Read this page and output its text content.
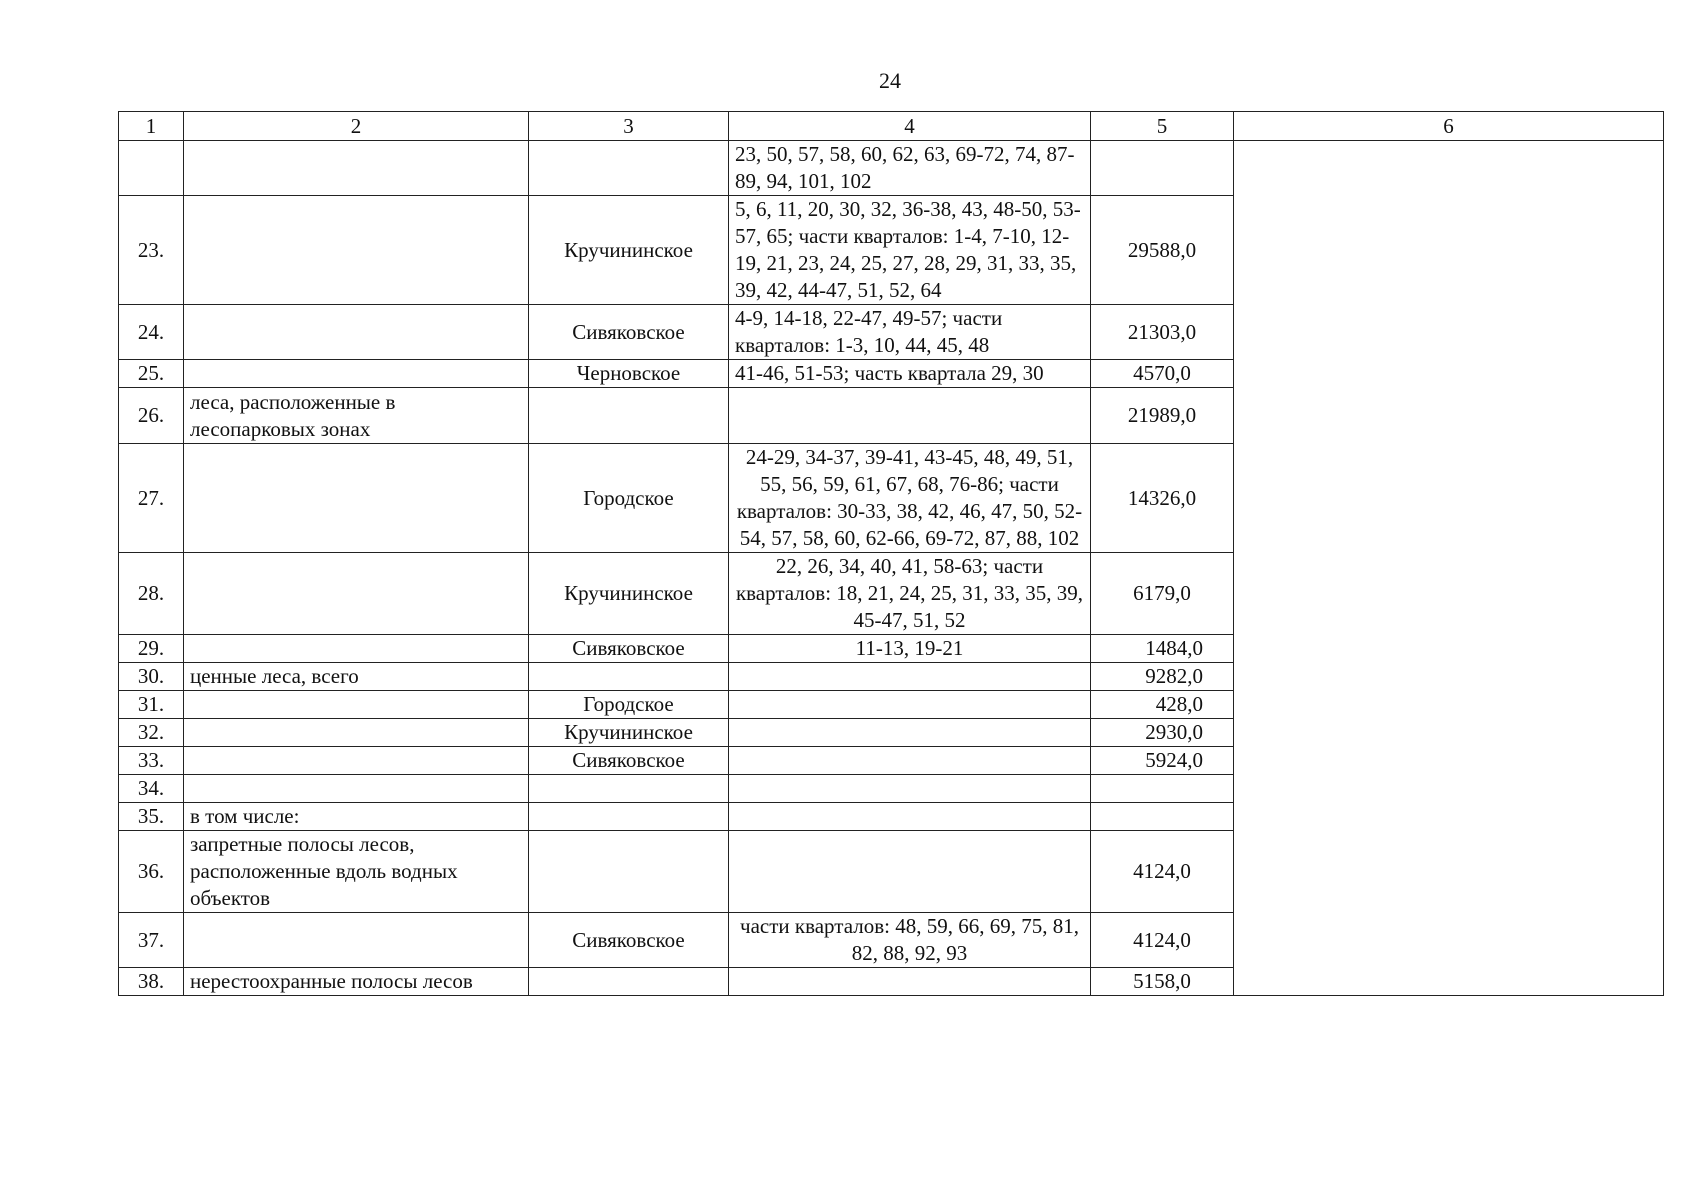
24
1	2	3	4	5	6
			23, 50, 57, 58, 60, 62, 63, 69-72, 74, 87-89, 94, 101, 102		
23.		Кручининское	5, 6, 11, 20, 30, 32, 36-38, 43, 48-50, 53-57, 65; части кварталов: 1-4, 7-10, 12-19, 21, 23, 24, 25, 27, 28, 29, 31, 33, 35, 39, 42, 44-47, 51, 52, 64	29588,0	
24.		Сивяковское	4-9, 14-18, 22-47, 49-57; части кварталов: 1-3, 10, 44, 45, 48	21303,0	
25.		Черновское	41-46, 51-53; часть квартала 29, 30	4570,0	
26.	леса, расположенные в лесопарковых зонах			21989,0	
27.		Городское	24-29, 34-37, 39-41, 43-45, 48, 49, 51, 55, 56, 59, 61, 67, 68, 76-86; части кварталов: 30-33, 38, 42, 46, 47, 50, 52-54, 57, 58, 60, 62-66, 69-72, 87, 88, 102	14326,0	
28.		Кручининское	22, 26, 34, 40, 41, 58-63; части кварталов: 18, 21, 24, 25, 31, 33, 35, 39, 45-47, 51, 52	6179,0	
29.		Сивяковское	11-13, 19-21	1484,0	
30.	ценные леса, всего			9282,0	
31.		Городское		428,0	
32.		Кручининское		2930,0	
33.		Сивяковское		5924,0	
34.					
35.	в том числе:				
36.	запретные полосы лесов, расположенные вдоль водных объектов			4124,0	
37.		Сивяковское	части кварталов: 48, 59, 66, 69, 75, 81, 82, 88, 92, 93	4124,0	
38.	нерестоохранные полосы лесов			5158,0	
